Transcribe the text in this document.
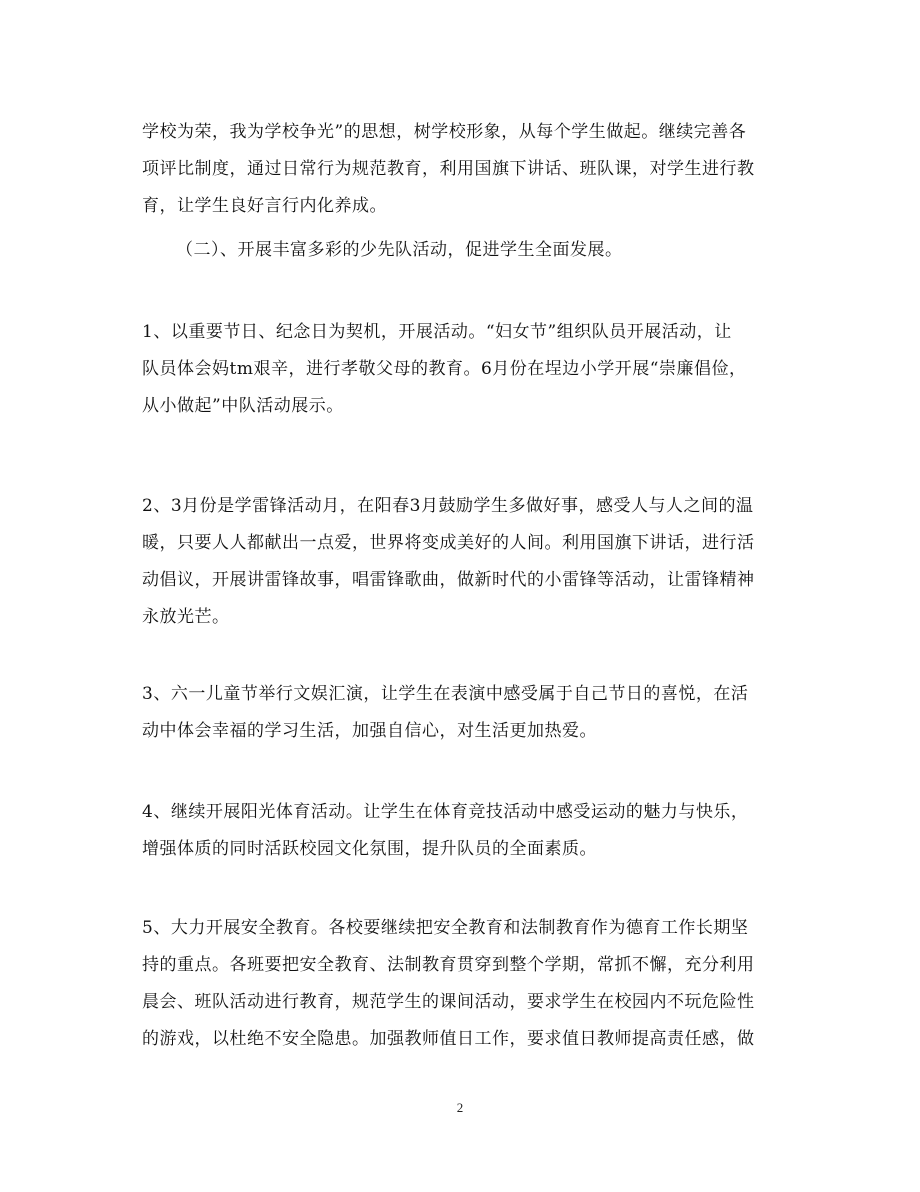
学校为荣，我为学校争光”的思想，树学校形象，从每个学生做起。继续完善各
项评比制度，通过日常行为规范教育，利用国旗下讲话、班队课，对学生进行教
育，让学生良好言行内化养成。

（二）、开展丰富多彩的少先队活动，促进学生全面发展。

1、以重要节日、纪念日为契机，开展活动。“妇女节”组织队员开展活动，让
队员体会妈tm艰辛，进行孝敬父母的教育。6月份在埕边小学开展“崇廉倡俭，
从小做起”中队活动展示。

2、3月份是学雷锋活动月，在阳春3月鼓励学生多做好事，感受人与人之间的温
暖，只要人人都献出一点爱，世界将变成美好的人间。利用国旗下讲话，进行活
动倡议，开展讲雷锋故事，唱雷锋歌曲，做新时代的小雷锋等活动，让雷锋精神
永放光芒。

3、六一儿童节举行文娱汇演，让学生在表演中感受属于自己节日的喜悦，在活
动中体会幸福的学习生活，加强自信心，对生活更加热爱。

4、继续开展阳光体育活动。让学生在体育竞技活动中感受运动的魅力与快乐，
增强体质的同时活跃校园文化氛围，提升队员的全面素质。

5、大力开展安全教育。各校要继续把安全教育和法制教育作为德育工作长期坚
持的重点。各班要把安全教育、法制教育贯穿到整个学期，常抓不懈，充分利用
晨会、班队活动进行教育，规范学生的课间活动，要求学生在校园内不玩危险性
的游戏，以杜绝不安全隐患。加强教师值日工作，要求值日教师提高责任感，做

2
